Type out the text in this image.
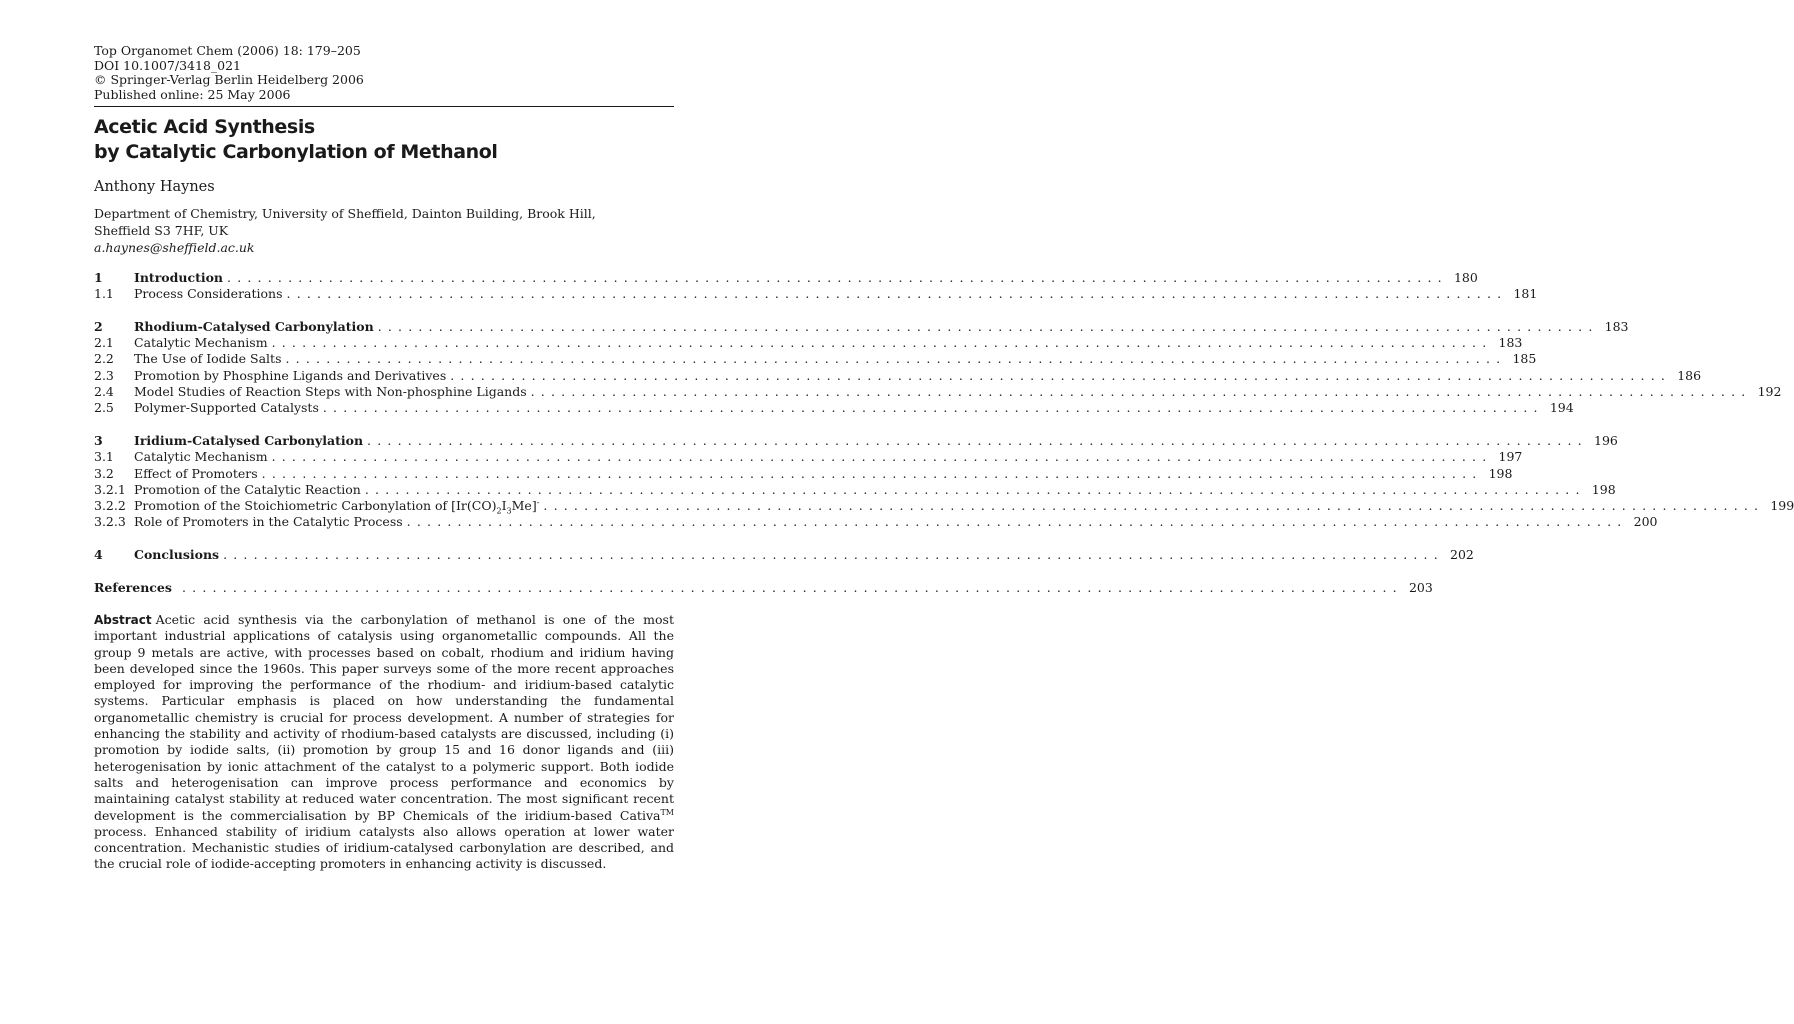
Top Organomet Chem (2006) 18: 179–205
DOI 10.1007/3418_021
© Springer-Verlag Berlin Heidelberg 2006
Published online: 25 May 2006
Acetic Acid Synthesis
by Catalytic Carbonylation of Methanol
Anthony Haynes
Department of Chemistry, University of Sheffield, Dainton Building, Brook Hill,
Sheffield S3 7HF, UK
a.haynes@sheffield.ac.uk
1	Introduction ........................................................................................................................ 180
1.1	Process Considerations ........................................................................................................................ 181
2	Rhodium-Catalysed Carbonylation ........................................................................................................................ 183
2.1	Catalytic Mechanism ........................................................................................................................ 183
2.2	The Use of Iodide Salts ........................................................................................................................ 185
2.3	Promotion by Phosphine Ligands and Derivatives ........................................................................................................................ 186
2.4	Model Studies of Reaction Steps with Non-phosphine Ligands ........................................................................................................................ 192
2.5	Polymer-Supported Catalysts ........................................................................................................................ 194
3	Iridium-Catalysed Carbonylation ........................................................................................................................ 196
3.1	Catalytic Mechanism ........................................................................................................................ 197
3.2	Effect of Promoters ........................................................................................................................ 198
3.2.1 Promotion of the Catalytic Reaction ........................................................................................................................ 198
3.2.2 Promotion of the Stoichiometric Carbonylation of $[Ir(CO)_2I_3Me]^-$ ........................................................................................................................ 199
3.2.3 Role of Promoters in the Catalytic Process ........................................................................................................................ 200
4	Conclusions ........................................................................................................................ 202
References ........................................................................................................................ 203
Abstract Acetic acid synthesis via the carbonylation of methanol is one of the most important industrial applications of catalysis using organometallic compounds. All the group 9 metals are active, with processes based on cobalt, rhodium and iridium having been developed since the 1960s. This paper surveys some of the more recent approaches employed for improving the performance of the rhodium- and iridium-based catalytic systems. Particular emphasis is placed on how understanding the fundamental organometallic chemistry is crucial for process development. A number of strategies for enhancing the stability and activity of rhodium-based catalysts are discussed, including (i) promotion by iodide salts, (ii) promotion by group 15 and 16 donor ligands and (iii) heterogenisation by ionic attachment of the catalyst to a polymeric support. Both iodide salts and heterogenisation can improve process performance and economics by maintaining catalyst stability at reduced water concentration. The most significant recent development is the commercialisation by BP Chemicals of the iridium-based Cativa™ process. Enhanced stability of iridium catalysts also allows operation at lower water concentration. Mechanistic studies of iridium-catalysed carbonylation are described, and the crucial role of iodide-accepting promoters in enhancing activity is discussed.
